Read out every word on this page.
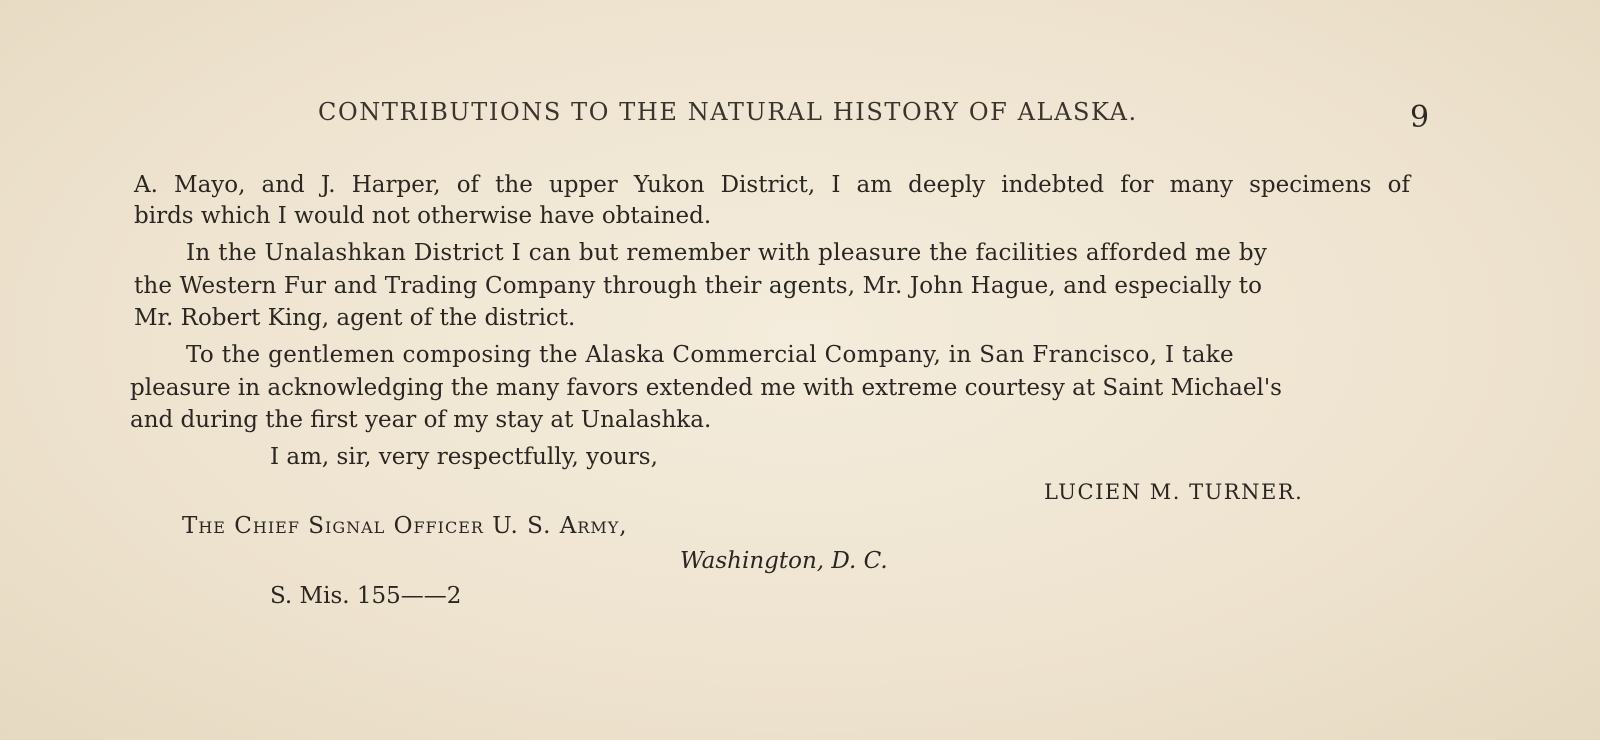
CONTRIBUTIONS TO THE NATURAL HISTORY OF ALASKA.	9
A. Mayo, and J. Harper, of the upper Yukon District, I am deeply indebted for many specimens of
birds which I would not otherwise have obtained.
In the Unalashkan District I can but remember with pleasure the facilities afforded me by
the Western Fur and Trading Company through their agents, Mr. John Hague, and especially to
Mr. Robert King, agent of the district.
To the gentlemen composing the Alaska Commercial Company, in San Francisco, I take
pleasure in acknowledging the many favors extended me with extreme courtesy at Saint Michael's
and during the first year of my stay at Unalashka.
I am, sir, very respectfully, yours,
LUCIEN M. TURNER.
The Chief Signal Officer U. S. Army,
Washington, D. C.
S. Mis. 155——2
